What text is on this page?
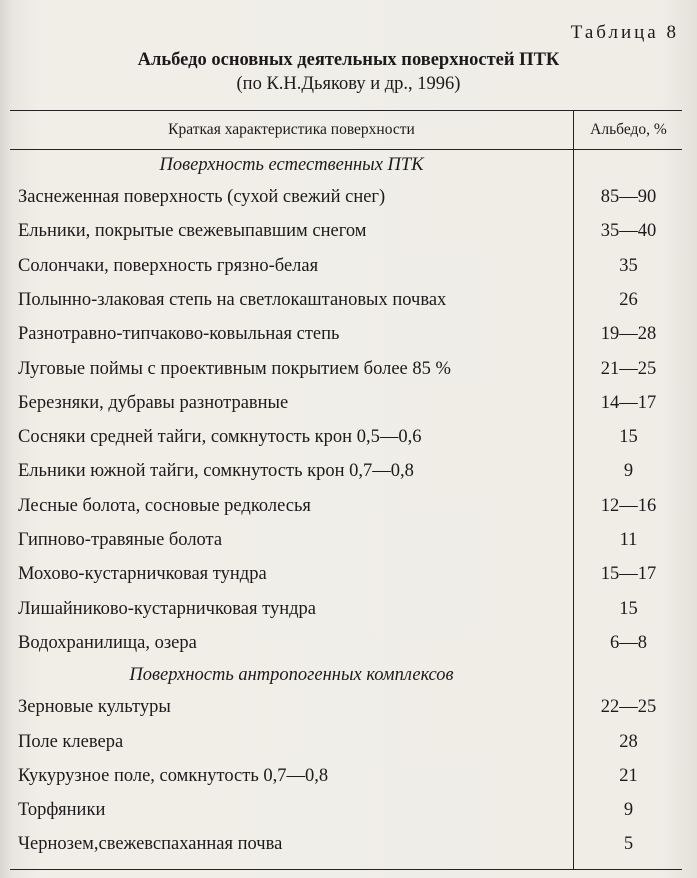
Таблица 8
Альбедо основных деятельных поверхностей ПТК
(по К.Н.Дьякову и др., 1996)
Краткая характеристика поверхности	Альбедо, %
Поверхность естественных ПТК
Заснеженная поверхность (сухой свежий снег)	85—90
Ельники, покрытые свежевыпавшим снегом	35—40
Солончаки, поверхность грязно-белая	35
Полынно-злаковая степь на светлокаштановых почвах	26
Разнотравно-типчаково-ковыльная степь	19—28
Луговые поймы с проективным покрытием более 85 %	21—25
Березняки, дубравы разнотравные	14—17
Сосняки средней тайги, сомкнутость крон 0,5—0,6	15
Ельники южной тайги, сомкнутость крон 0,7—0,8	9
Лесные болота, сосновые редколесья	12—16
Гипново-травяные болота	11
Мохово-кустарничковая тундра	15—17
Лишайниково-кустарничковая тундра	15
Водохранилища, озера	6—8
Поверхность антропогенных комплексов
Зерновые культуры	22—25
Поле клевера	28
Кукурузное поле, сомкнутость 0,7—0,8	21
Торфяники	9
Чернозем,свежевспаханная почва	5
